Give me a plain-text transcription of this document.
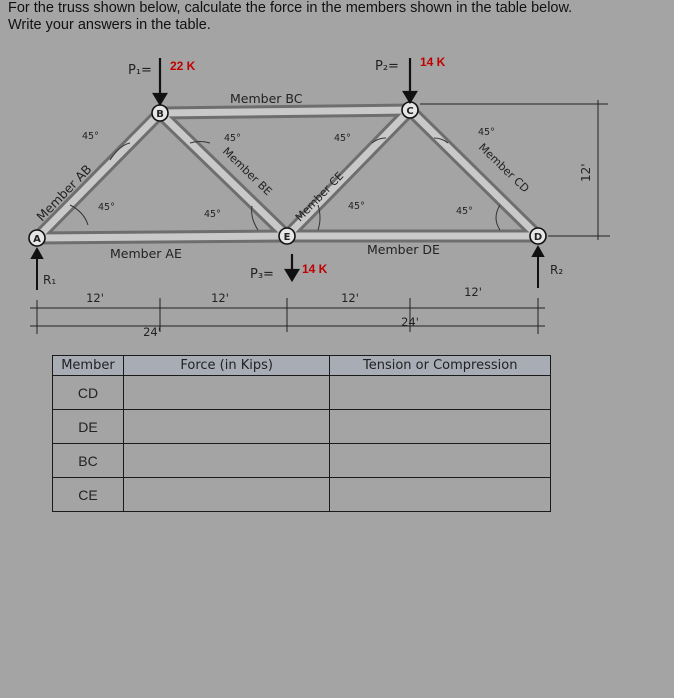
For the truss shown below, calculate the force in the members shown in the table below.
Write your answers in the table.
A
B	C
D
E
P₁=	P₂=
P₃=
22 K	14 K
14 K
Member BC
Member AE	Member DE
Member AB	Member BE Member CE
Member CD
45°
45°
45°
45°
45°
45°
45°
45°
12'
R₁
R₂
12'	12'	12'	12'
24'
24'
Member	Force (in Kips)	Tension or Compression
CD		
DE		
BC		
CE		
